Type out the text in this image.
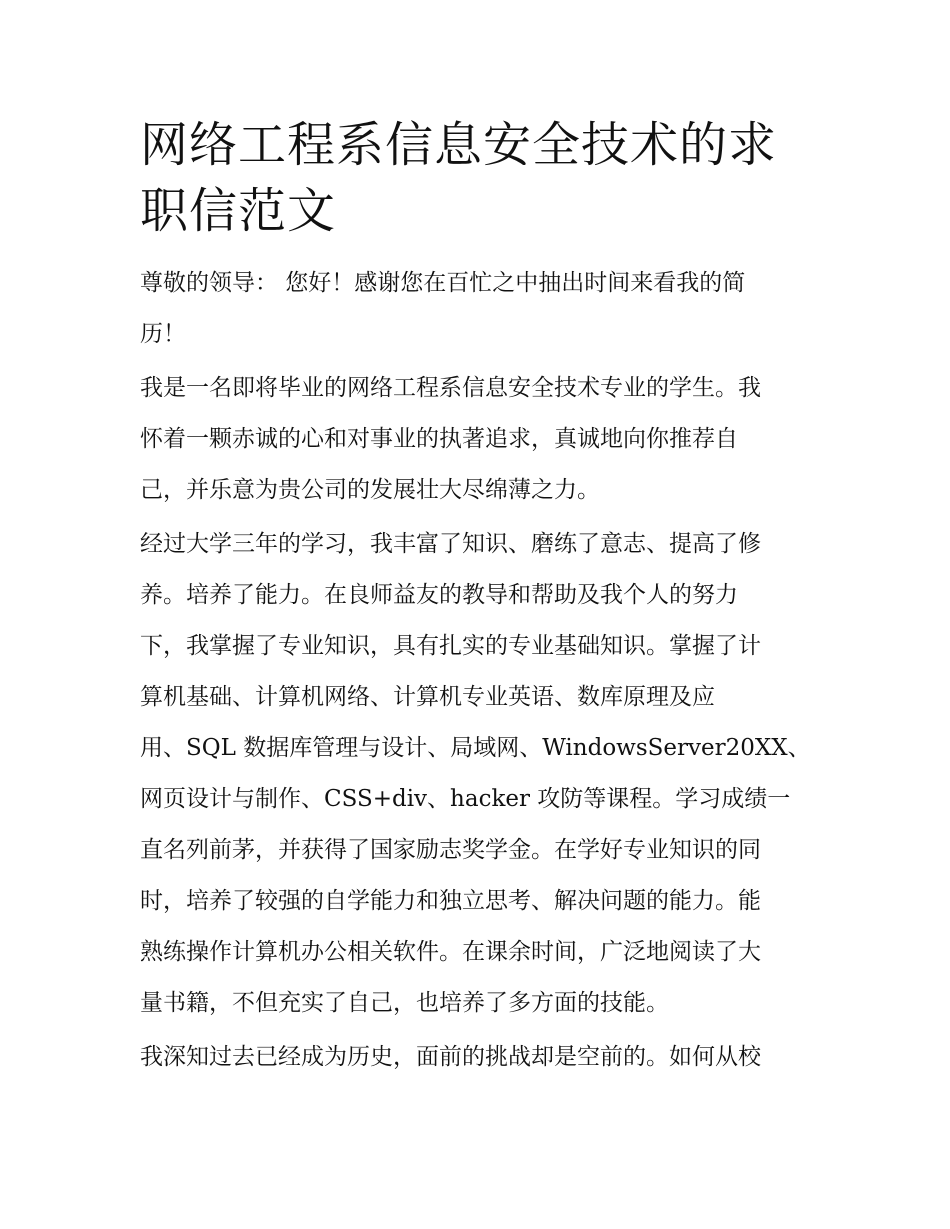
网络工程系信息安全技术的求
职信范文

尊敬的领导： 您好！感谢您在百忙之中抽出时间来看我的简
历！

我是一名即将毕业的网络工程系信息安全技术专业的学生。我
怀着一颗赤诚的心和对事业的执著追求，真诚地向你推荐自
己，并乐意为贵公司的发展壮大尽绵薄之力。

经过大学三年的学习，我丰富了知识、磨练了意志、提高了修
养。培养了能力。在良师益友的教导和帮助及我个人的努力
下，我掌握了专业知识，具有扎实的专业基础知识。掌握了计
算机基础、计算机网络、计算机专业英语、数库原理及应
用、SQL 数据库管理与设计、局域网、WindowsServer20XX、
网页设计与制作、CSS+div、hacker 攻防等课程。学习成绩一
直名列前茅，并获得了国家励志奖学金。在学好专业知识的同
时，培养了较强的自学能力和独立思考、解决问题的能力。能
熟练操作计算机办公相关软件。在课余时间，广泛地阅读了大
量书籍，不但充实了自己，也培养了多方面的技能。

我深知过去已经成为历史，面前的挑战却是空前的。如何从校
